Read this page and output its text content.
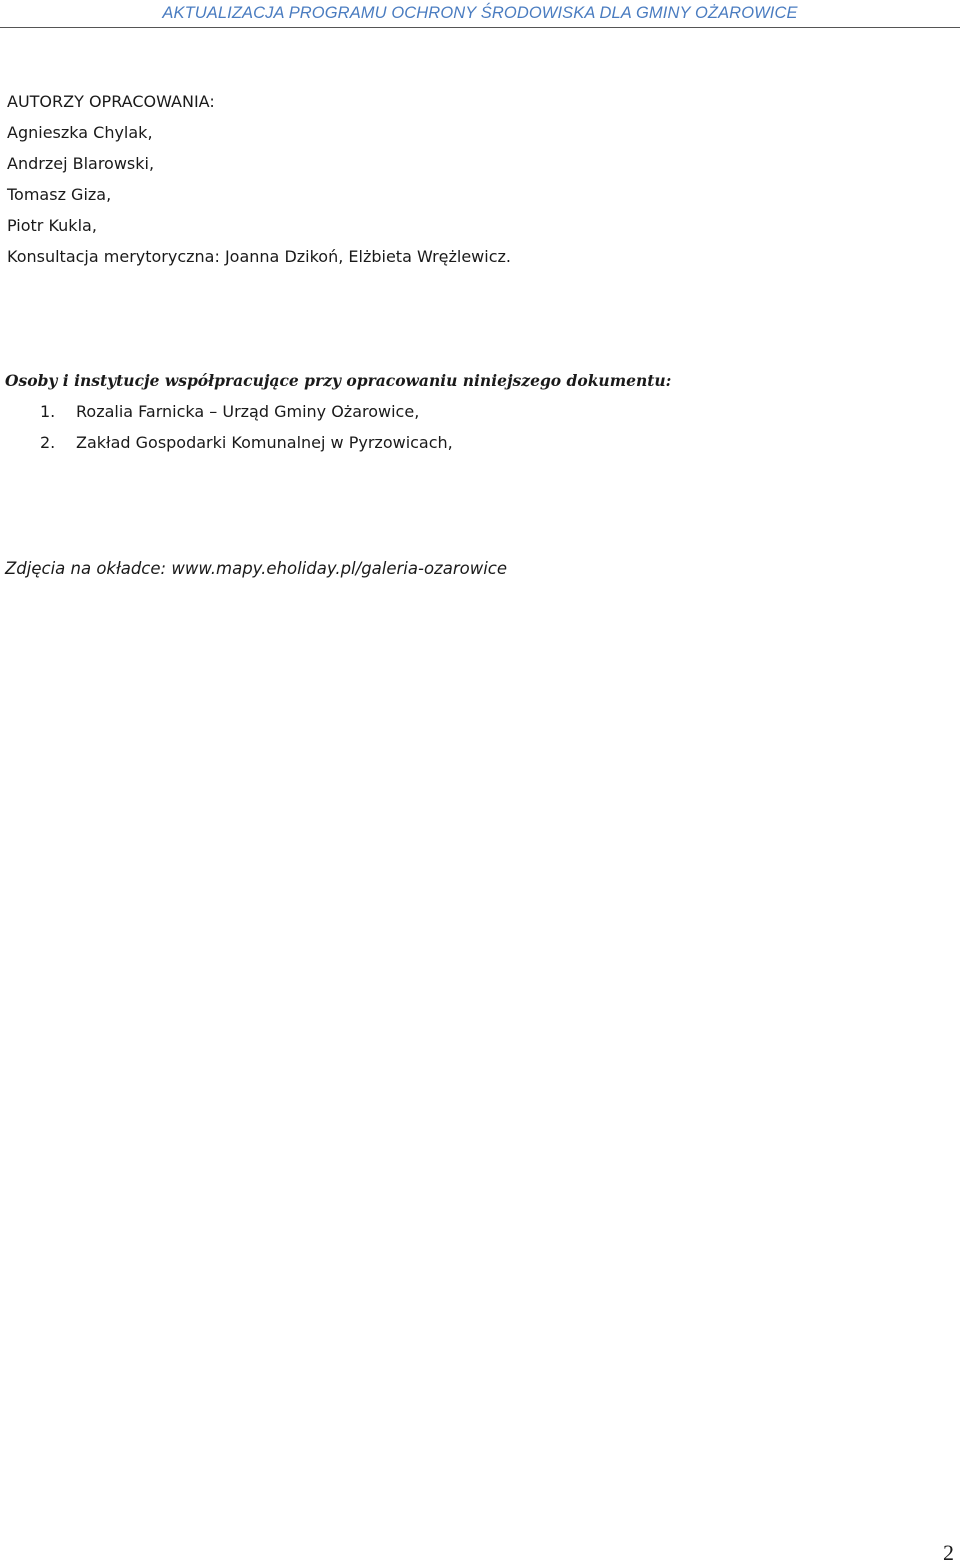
AKTUALIZACJA PROGRAMU OCHRONY ŚRODOWISKA DLA GMINY OŻAROWICE
AUTORZY OPRACOWANIA:
Agnieszka Chylak,
Andrzej Blarowski,
Tomasz Giza,
Piotr Kukla,
Konsultacja merytoryczna: Joanna Dzikoń, Elżbieta Wrężlewicz.
Osoby i instytucje współpracujące przy opracowaniu niniejszego dokumentu:
1.	Rozalia Farnicka – Urząd Gminy Ożarowice,
2.	Zakład Gospodarki Komunalnej w Pyrzowicach,
Zdjęcia na okładce: www.mapy.eholiday.pl/galeria-ozarowice
2
